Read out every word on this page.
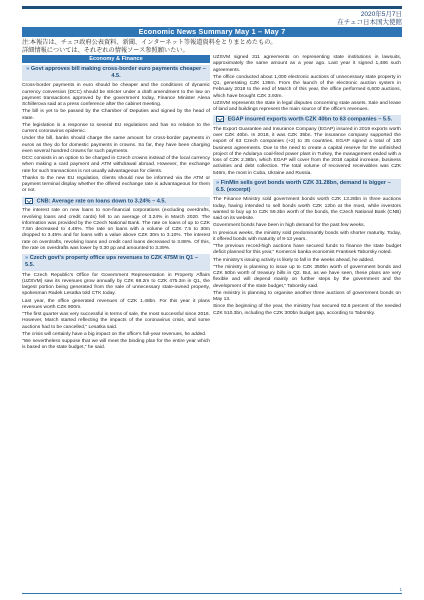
2020年5月7日
在チェコ日本国大使館
Economic News Summary May 1 – May 7
注:本報告は、チェコ政府公表資料、新聞、インターネット等報道資料をとりまとめたもの。
詳細情報については、それぞれの情報ソース参照願いたい。
Economy & Finance
» Govt approves bill making cross-border euro payments cheaper – 4.5.

Cross-border payments in euro should be cheaper and the conditions of dynamic currency conversion (DCC) should be stricter under a draft amendment to the law on payment transactions approved by the government today, Finance Minister Alena Schillerova said at a press conference after the cabinet meeting.

The bill is yet to be passed by the Chamber of Deputies and signed by the head of state.

The legislation is a response to several EU regulations and has no relation to the current coronavirus epidemic.

Under the bill, banks should charge the same amount for cross-border payments in euros as they do for domestic payments in crowns. So far, they have been charging even several hundred crowns for such payments.

DCC consists in an option to be charged in Czech crowns instead of the local currency when making a card payment and ATM withdrawal abroad. However, the exchange rate for such transactions is not usually advantageous for clients.

Thanks to the new EU regulation, clients should now be informed via the ATM or payment terminal display whether the offered exchange rate is advantageous for them or not.

CNB: Average rate on loans down to 3.24% – 4.5.

The interest rate on new loans to non-financial corporations (excluding overdrafts, revolving loans and credit cards) fell to an average of 3.24% in March 2020. The information was provided by the Czech National Bank. The rate on loans of up to CZK 7.5m decreased to 4.48%. The rate on loans with a volume of CZK 7.5 to 30m dropped to 3.45% and for loans with a value above CZK 30m to 3.10%. The interest rate on overdrafts, revolving loans and credit card loans decreased to 3.88%. Of this, the rate on overdrafts was lower by 0.30 pp and amounted to 3.39%.

» Czech govt's property office ups revenues to CZK 475M in Q1 – 5.5.

The Czech Republic's Office for Government Representation in Property Affairs (UZSVM) saw its revenues grow annually by CZK 68.2m to CZK 475.3m in Q1, the largest portion being generated from the sale of unnecessary state-owned property, spokesman Radek Lesatka told CTK today.

Last year, the office generated revenues of CZK 1.48bn. For this year it plans revenues worth CZK 900m.

"The first quarter was very successful in terms of sale, the most successful since 2016. However, March started reflecting the impacts of the coronavirus crisis, and some auctions had to be cancelled," Lesatka said.

The crisis will certainly have a big impact on the office's full-year revenues, he added.

"We nevertheless suppose that we will meet the binding plan for the entire year which is based on the state budget," he said.

UZSVM signed 311 agreements on representing state institutions in lawsuits, approximately the same amount as a year ago. Last year it signed 1,486 such agreements.

The office conducted about 1,000 electronic auctions of unnecessary state property in Q1, generating CZK 138m. From the launch of the electronic auction system in February 2018 to the end of March of this year, the office performed 6,600 auctions, which have brought CZK 3.93m.

UZSVM represents the state in legal disputes concerning state assets. Sale and lease of land and buildings represent the main source of the office's revenues.

EGAP insured exports worth CZK 40bn to 63 companies – 5.5.

The Export Guarantee and Insurance Company (EGAP) insured in 2019 exports worth over CZK 40bn. In 2018, it was CZK 35bn. The insurance company supported the export of 63 Czech companies (+2) to 35 countries. EGAP signed a total of 140 business agreements. Due to the need to create a capital reserve for the unfinished project of the Adularya coal-fired power plant in Turkey, the management ended with a loss of CZK 2.38bn, which EGAP will cover from the 2018 capital increase, business activities and debt collection. The total volume of recovered receivables was CZK 546m, the most in Cuba, Ukraine and Russia.

» FinMin sells govt bonds worth CZK 31.28bn, demand is bigger – 6.5. (excerpt)

The Finance Ministry sold government bonds worth CZK 13.28bn in three auctions today, having intended to sell bonds worth CZK 12bn at the most, while investors wanted to buy up to CZK 59.3bn worth of the bonds, the Czech National Bank (CNB) said on its website.

Government bonds have been in high demand for the past few weeks.

In previous weeks, the ministry sold predominantly bonds with shorter maturity. Today, it offered bonds with maturity of 8-13 years.

"The previous record-high auctions have secured funds to finance the state budget deficit planned for this year," Komercni banka economist Frantisek Taborsky noted.

The ministry's issuing activity is likely to fall in the weeks ahead, he added.

"The ministry is planning to issue up to CZK 350bn worth of government bonds and CZK 50bn worth of treasury bills in Q2. But, as we have seen, these plans are very flexible and will depend mainly on further steps by the government and the development of the state budget," Taborsky said.

The ministry is planning to organise another three auctions of government bonds on May 13.

Since the beginning of the year, the ministry has secured 92.6 percent of the needed CZK 510.3bn, including the CZK 300bn budget gap, according to Taborsky.

1
